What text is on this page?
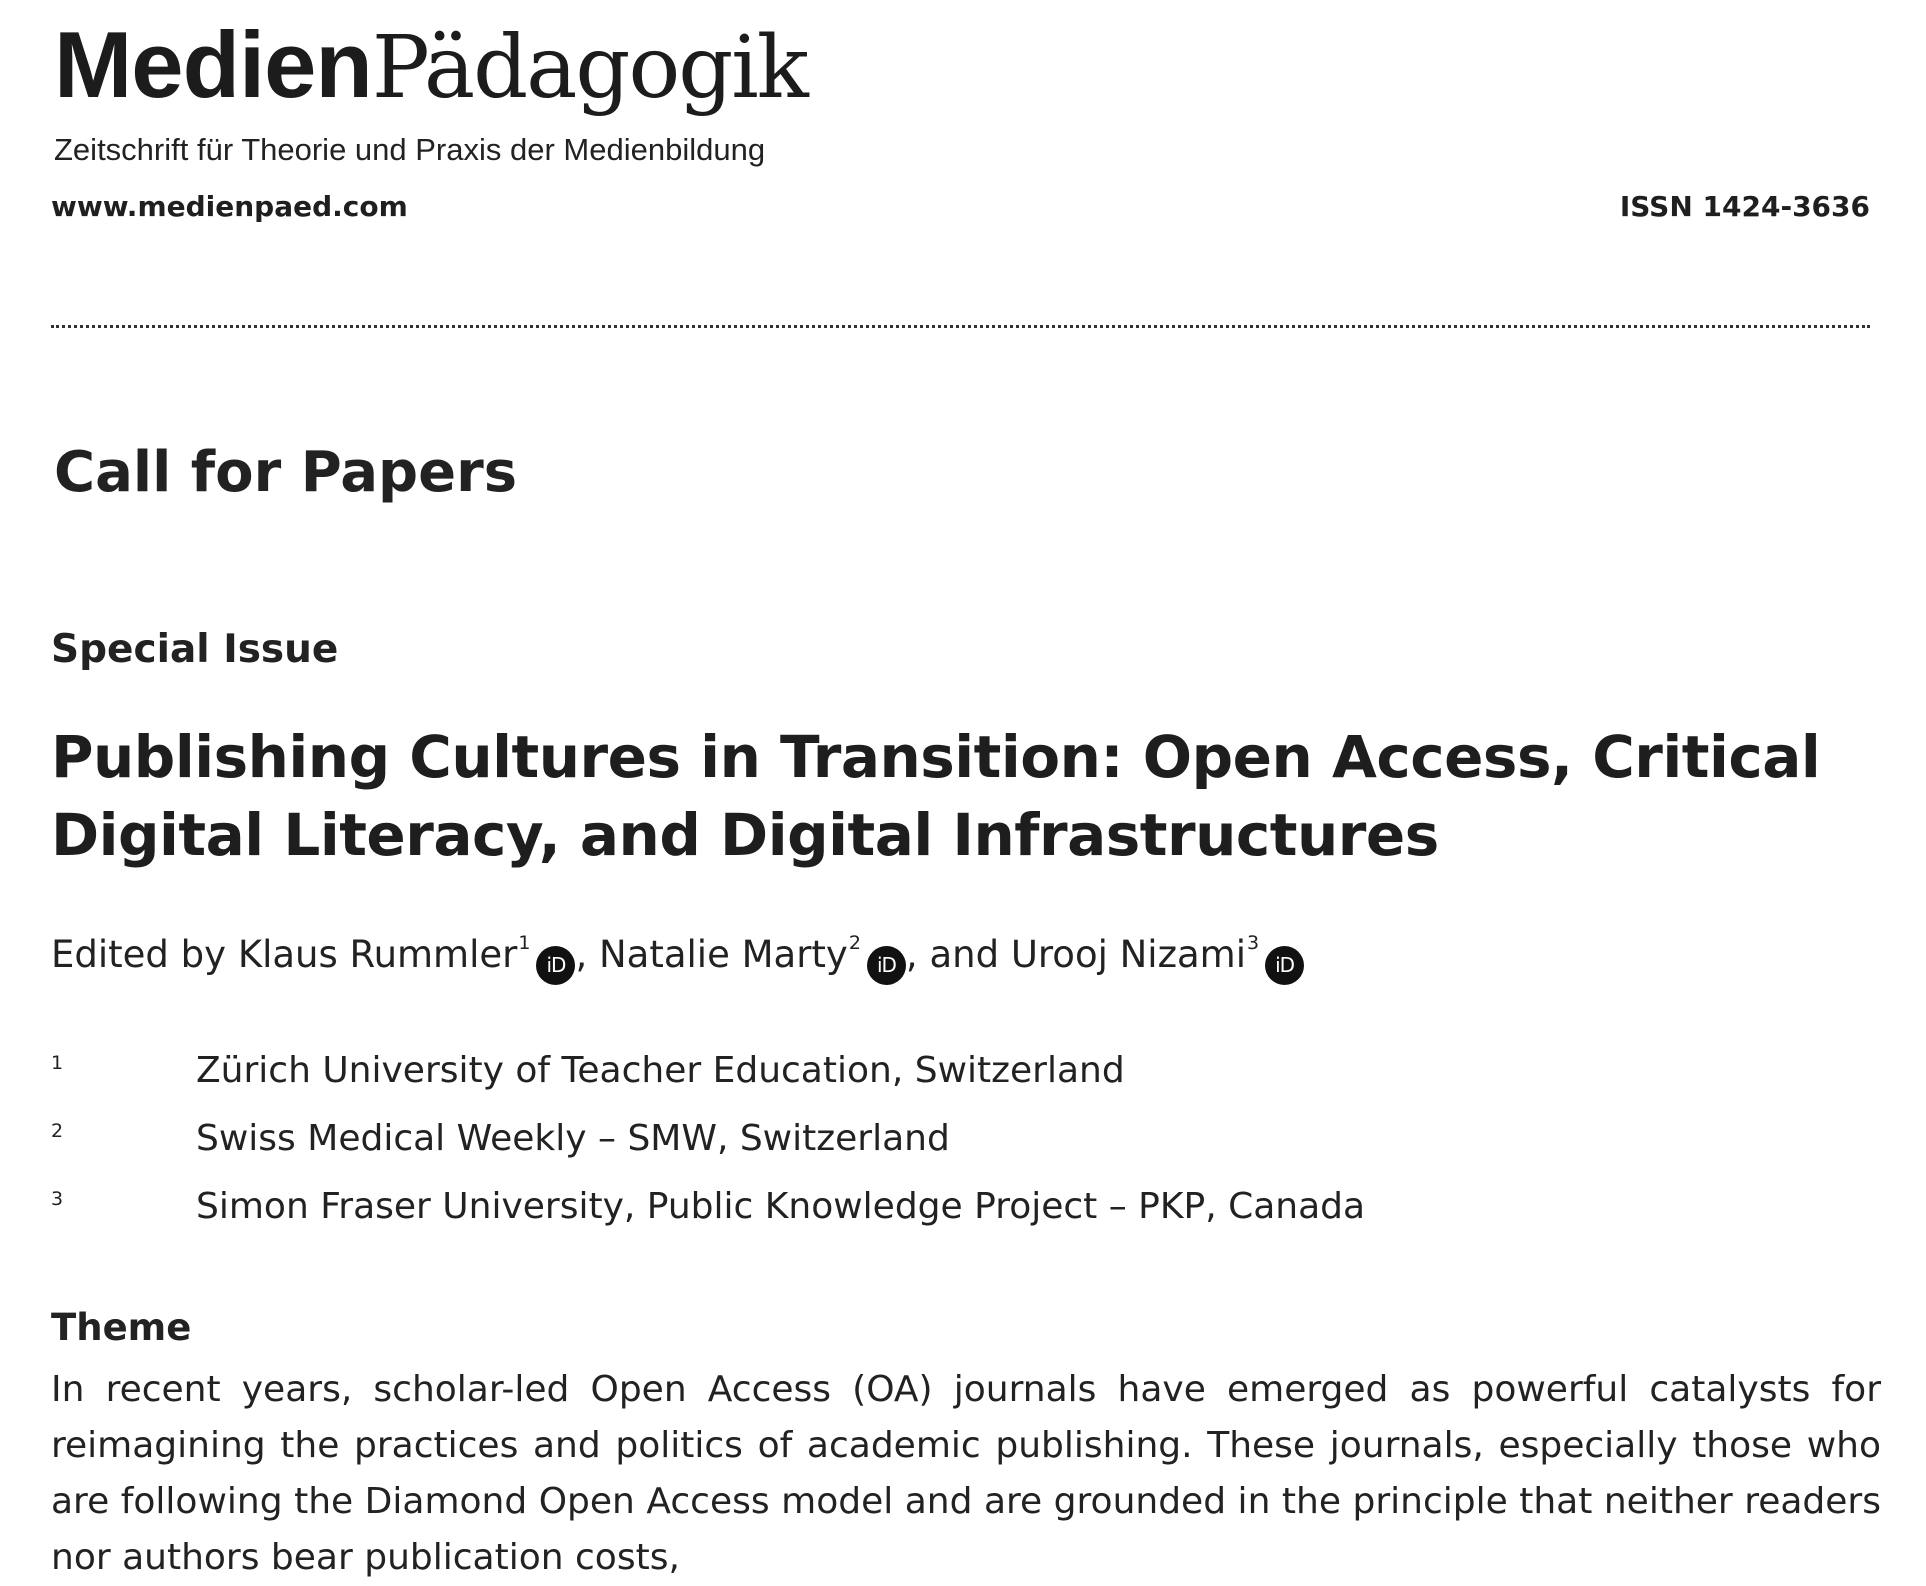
MedienPädagogik
Zeitschrift für Theorie und Praxis der Medienbildung
www.medienpaed.com	ISSN 1424-3636
Call for Papers
Special Issue
Publishing Cultures in Transition: Open Access, Critical Digital Literacy, and Digital Infrastructures
Edited by Klaus Rummler$^1$iD , Natalie Marty$^2$iD , and Urooj Nizami$^3$iD
1	Zürich University of Teacher Education, Switzerland
2	Swiss Medical Weekly – SMW, Switzerland
3	Simon Fraser University, Public Knowledge Project – PKP, Canada
Theme
In recent years, scholar-led Open Access (OA) journals have emerged as powerful catalysts for reimagining the practices and politics of academic publishing. These journals, especially those who are following the Diamond Open Access model and are grounded in the principle that neither readers nor authors bear publication costs,
